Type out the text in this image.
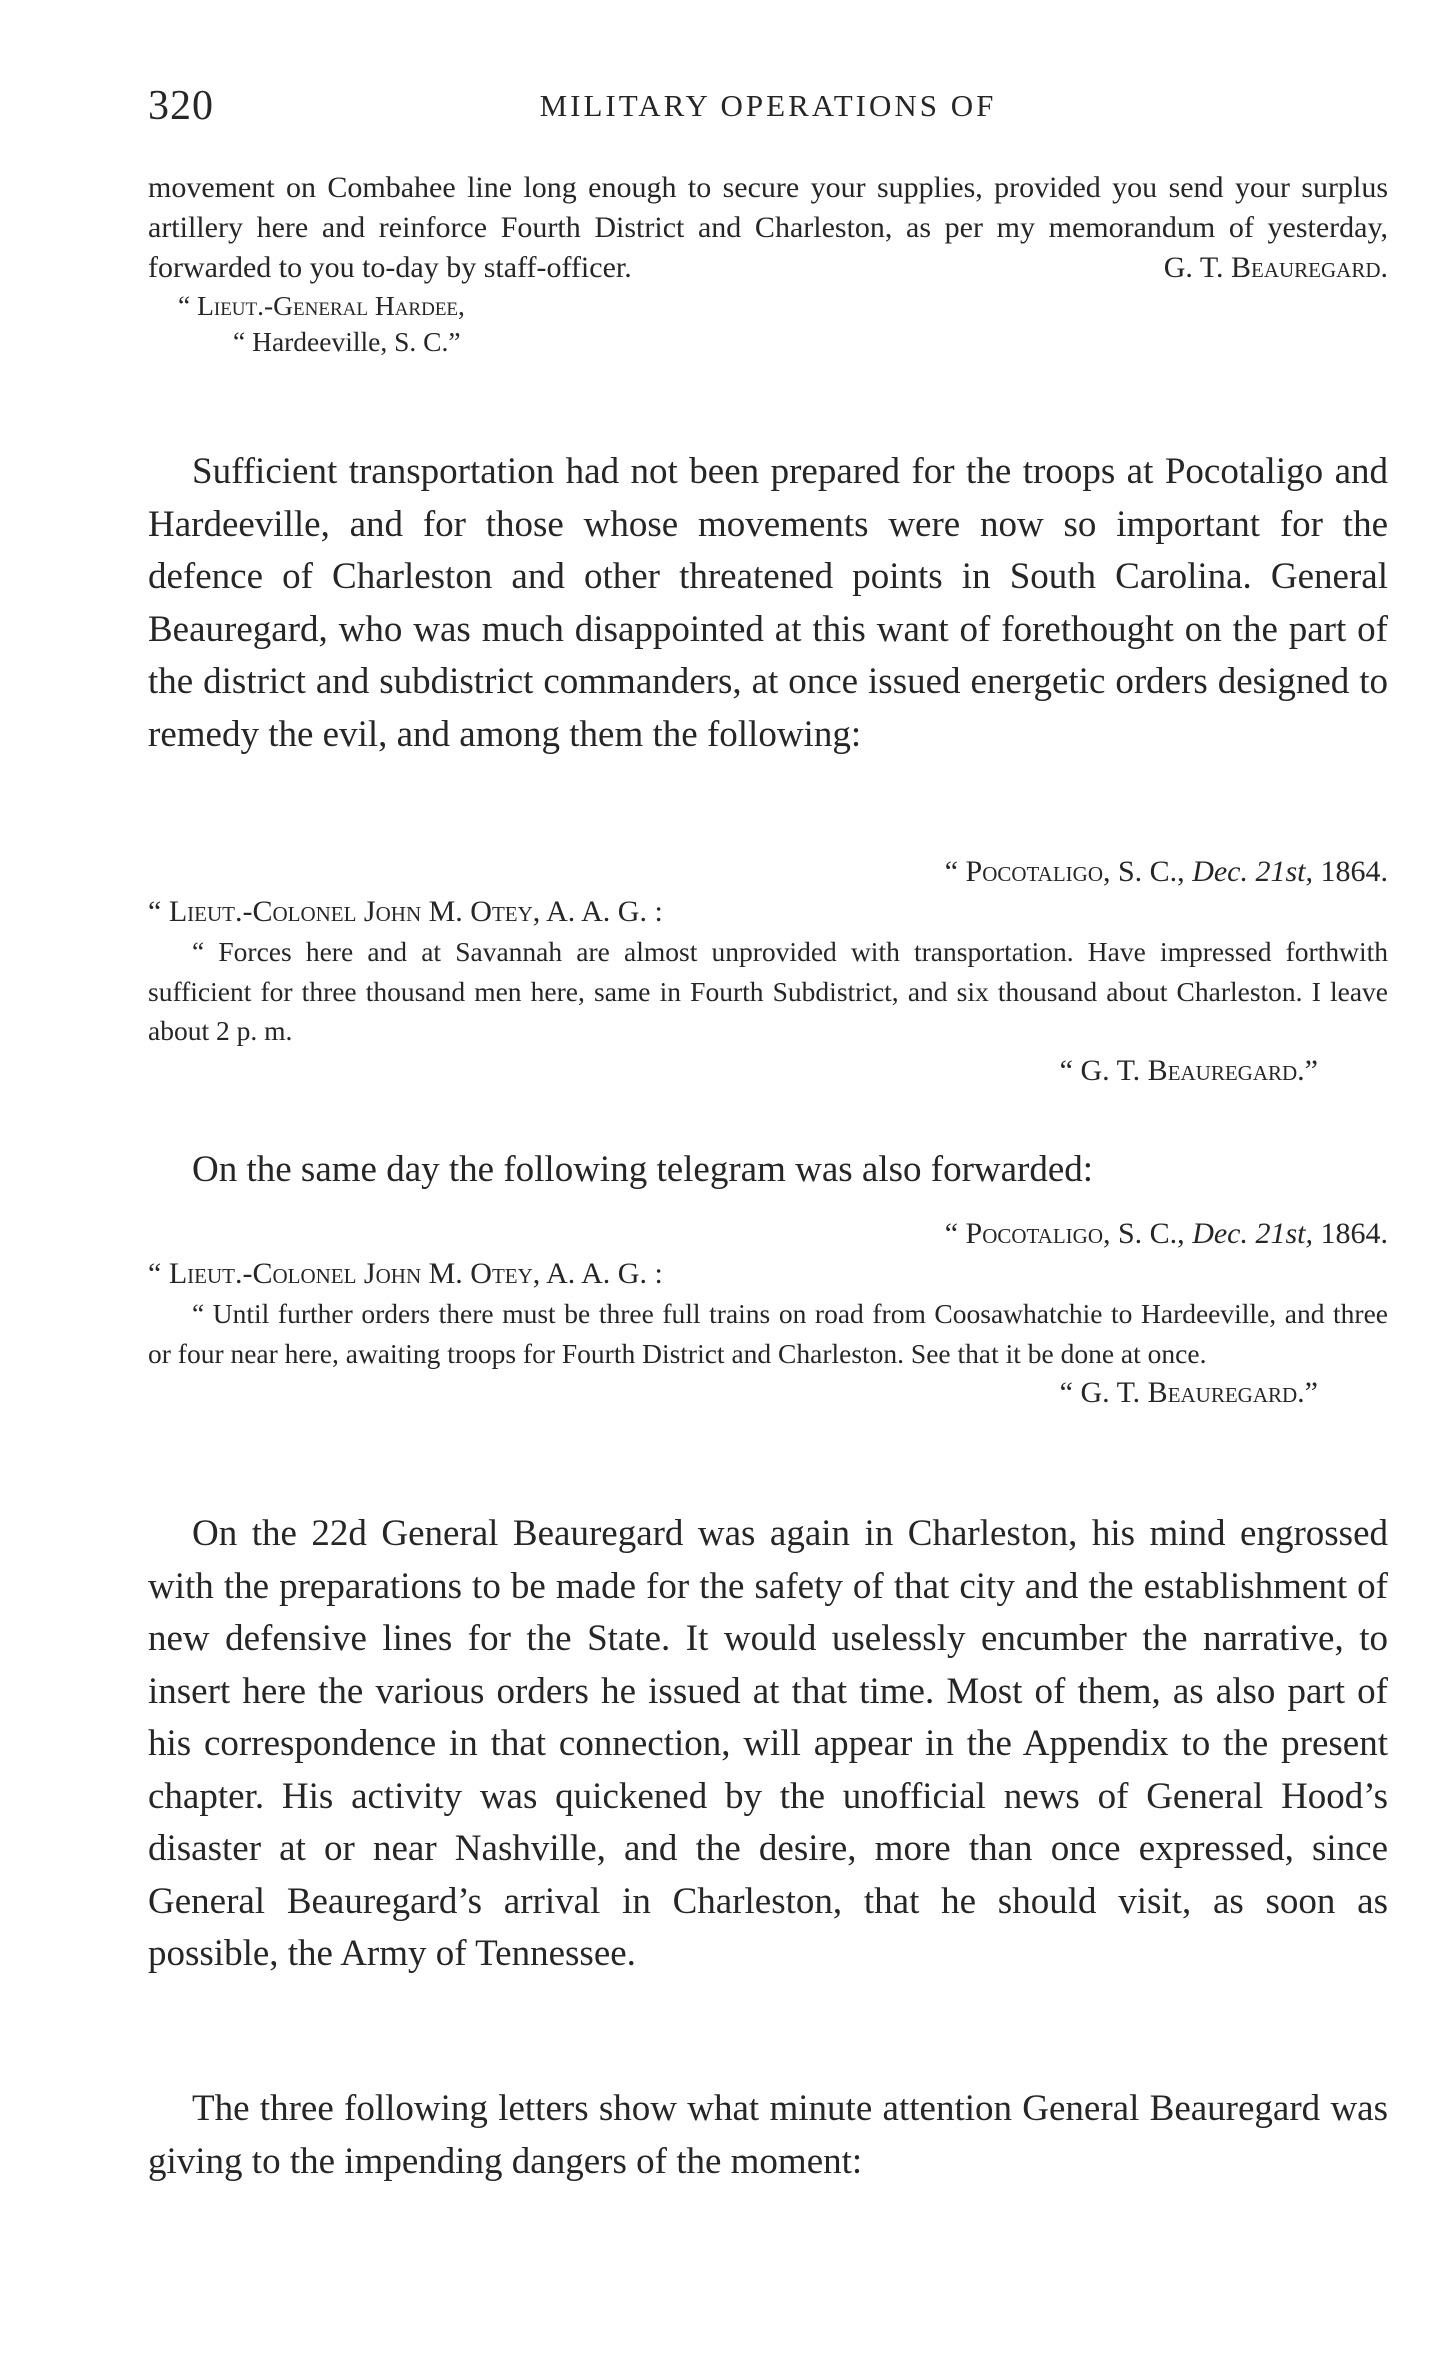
320	MILITARY OPERATIONS OF

movement on Combahee line long enough to secure your supplies, provided you send your surplus artillery here and reinforce Fourth District and Charleston, as per my memorandum of yesterday, forwarded to you to-day by staff-officer.	G. T. Beauregard.
“ Lieut.-General Hardee,
“ Hardeeville, S. C.”
Sufficient transportation had not been prepared for the troops at Pocotaligo and Hardeeville, and for those whose movements were now so important for the defence of Charleston and other threatened points in South Carolina. General Beauregard, who was much disappointed at this want of forethought on the part of the district and subdistrict commanders, at once issued energetic orders designed to remedy the evil, and among them the following:
“ Pocotaligo, S. C., Dec. 21st, 1864.
“ Lieut.-Colonel John M. Otey, A. A. G. :

“ Forces here and at Savannah are almost unprovided with transportation. Have impressed forthwith sufficient for three thousand men here, same in Fourth Subdistrict, and six thousand about Charleston. I leave about 2 p. m.

“ G. T. Beauregard.”
On the same day the following telegram was also forwarded:
“ Pocotaligo, S. C., Dec. 21st, 1864.
“ Lieut.-Colonel John M. Otey, A. A. G. :

“ Until further orders there must be three full trains on road from Coosawhatchie to Hardeeville, and three or four near here, awaiting troops for Fourth District and Charleston. See that it be done at once.

“ G. T. Beauregard.”
On the 22d General Beauregard was again in Charleston, his mind engrossed with the preparations to be made for the safety of that city and the establishment of new defensive lines for the State. It would uselessly encumber the narrative, to insert here the various orders he issued at that time. Most of them, as also part of his correspondence in that connection, will appear in the Appendix to the present chapter. His activity was quickened by the unofficial news of General Hood’s disaster at or near Nashville, and the desire, more than once expressed, since General Beauregard’s arrival in Charleston, that he should visit, as soon as possible, the Army of Tennessee.
The three following letters show what minute attention General Beauregard was giving to the impending dangers of the moment:
